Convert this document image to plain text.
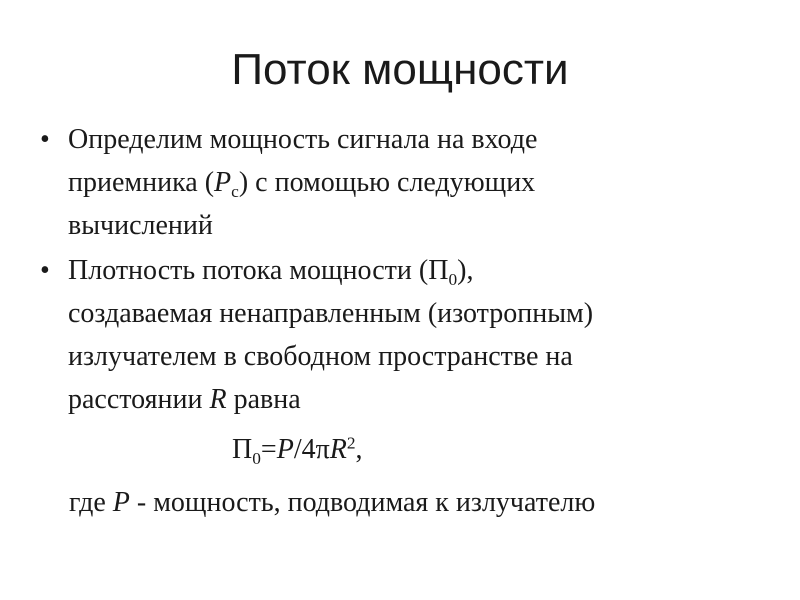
Поток мощности
• Определим мощность сигнала на входе
приемника $(P_с)$ с помощью следующих
вычислений
• Плотность потока мощности $(П_0)$,
создаваемая ненаправленным (изотропным)
излучателем в свободном пространстве на
расстоянии R равна
$П_0=P/4\pi R^2$,
где P - мощность, подводимая к излучателю
